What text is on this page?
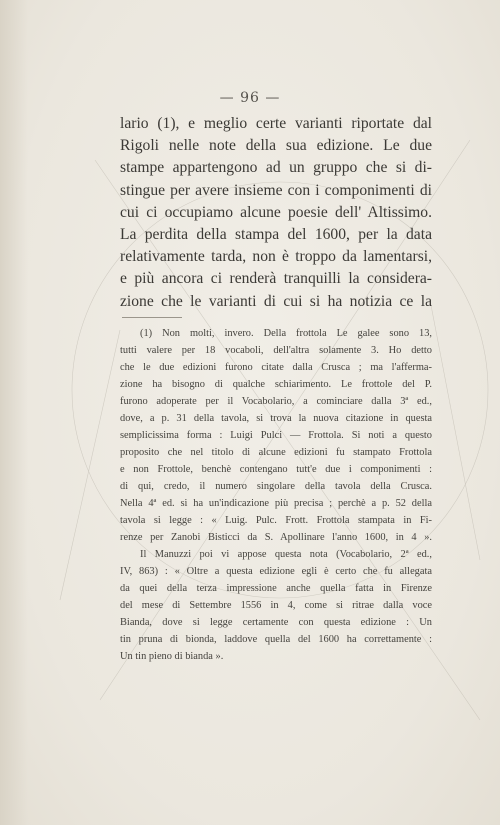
— 96 —
lario (1), e meglio certe varianti riportate dal
Rigoli nelle note della sua edizione. Le due
stampe appartengono ad un gruppo che si di-
stingue per avere insieme con i componimenti di
cui ci occupiamo alcune poesie dell' Altissimo.
La perdita della stampa del 1600, per la data
relativamente tarda, non è troppo da lamentarsi,
e più ancora ci renderà tranquilli la considera-
zione che le varianti di cui si ha notizia ce la
(1) Non molti, invero. Della frottola Le galee sono 13,
tutti valere per 18 vocaboli, dell'altra solamente 3. Ho detto
che le due edizioni furono citate dalla Crusca ; ma l'afferma-
zione ha bisogno di qualche schiarimento. Le frottole del P.
furono adoperate per il Vocabolario, a cominciare dalla 3ª ed.,
dove, a p. 31 della tavola, si trova la nuova citazione in questa
semplicissima forma : Luigi Pulci — Frottola. Si noti a questo
proposito che nel titolo di alcune edizioni fu stampato Frottola
e non Frottole, benchè contengano tutt'e due i componimenti :
di qui, credo, il numero singolare della tavola della Crusca.
Nella 4ª ed. si ha un'indicazione più precisa ; perchè a p. 52 della
tavola si legge : « Luig. Pulc. Frott. Frottola stampata in Fi-
renze per Zanobi Bisticci da S. Apollinare l'anno 1600, in 4 ».
Il Manuzzi poi vi appose questa nota (Vocabolario, 2ª ed.,
IV, 863) : « Oltre a questa edizione egli è certo che fu allegata
da quei della terza impressione anche quella fatta in Firenze
del mese di Settembre 1556 in 4, come si ritrae dalla voce
Bianda, dove si legge certamente con questa edizione : Un
tin pruna di bionda, laddove quella del 1600 ha correttamente :
Un tin pieno di bianda ».
